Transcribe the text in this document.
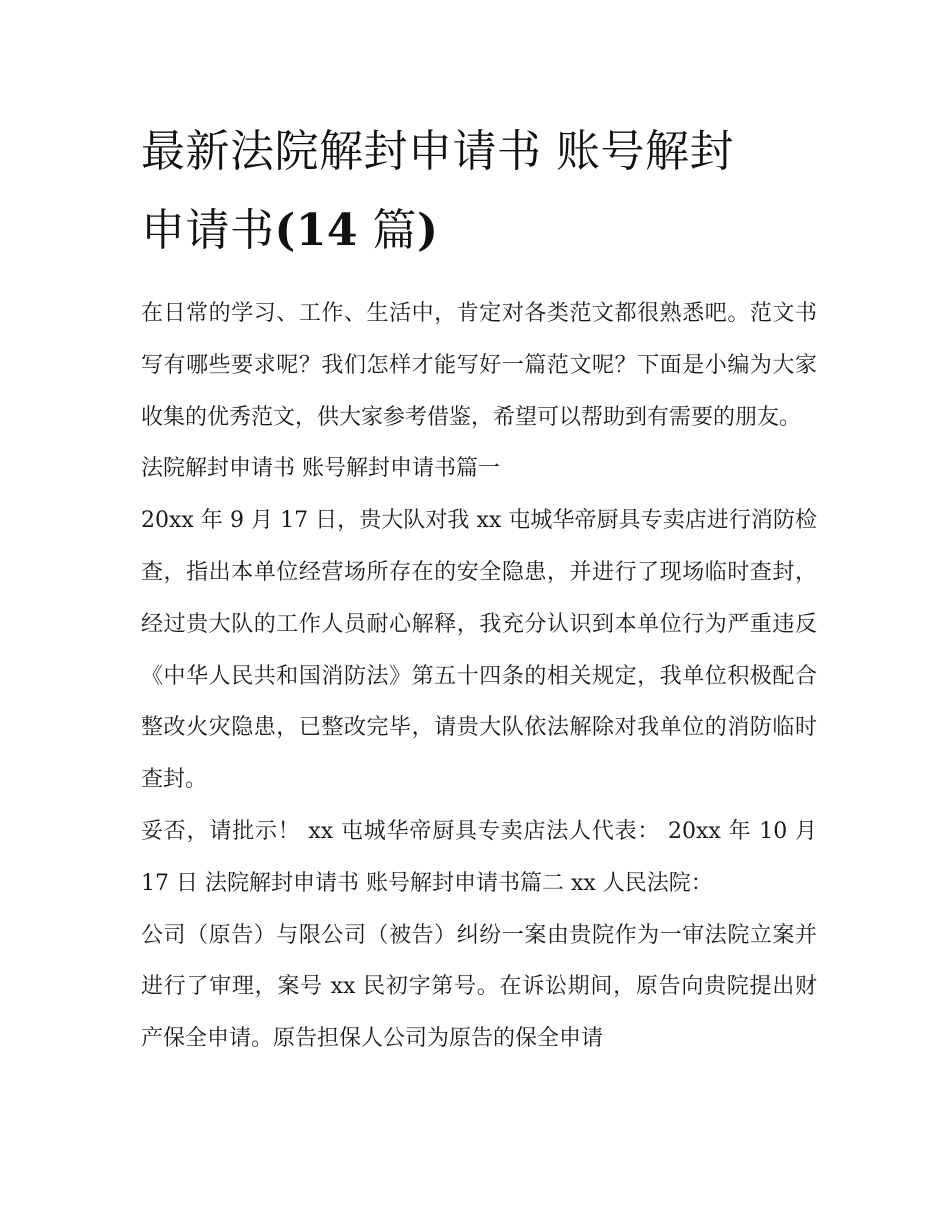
最新法院解封申请书 账号解封
申请书(14 篇)

在日常的学习、工作、生活中，肯定对各类范文都很熟悉吧。范文书写有哪些要求呢？我们怎样才能写好一篇范文呢？下面是小编为大家收集的优秀范文，供大家参考借鉴，希望可以帮助到有需要的朋友。

法院解封申请书 账号解封申请书篇一

20xx 年 9 月 17 日，贵大队对我 xx 屯城华帝厨具专卖店进行消防检查，指出本单位经营场所存在的安全隐患，并进行了现场临时查封，经过贵大队的工作人员耐心解释，我充分认识到本单位行为严重违反《中华人民共和国消防法》第五十四条的相关规定，我单位积极配合整改火灾隐患，已整改完毕，请贵大队依法解除对我单位的消防临时查封。

妥否，请批示！ xx 屯城华帝厨具专卖店法人代表： 20xx 年 10 月 17 日 法院解封申请书 账号解封申请书篇二 xx 人民法院：

公司（原告）与限公司（被告）纠纷一案由贵院作为一审法院立案并进行了审理，案号 xx 民初字第号。在诉讼期间，原告向贵院提出财产保全申请。原告担保人公司为原告的保全申请
